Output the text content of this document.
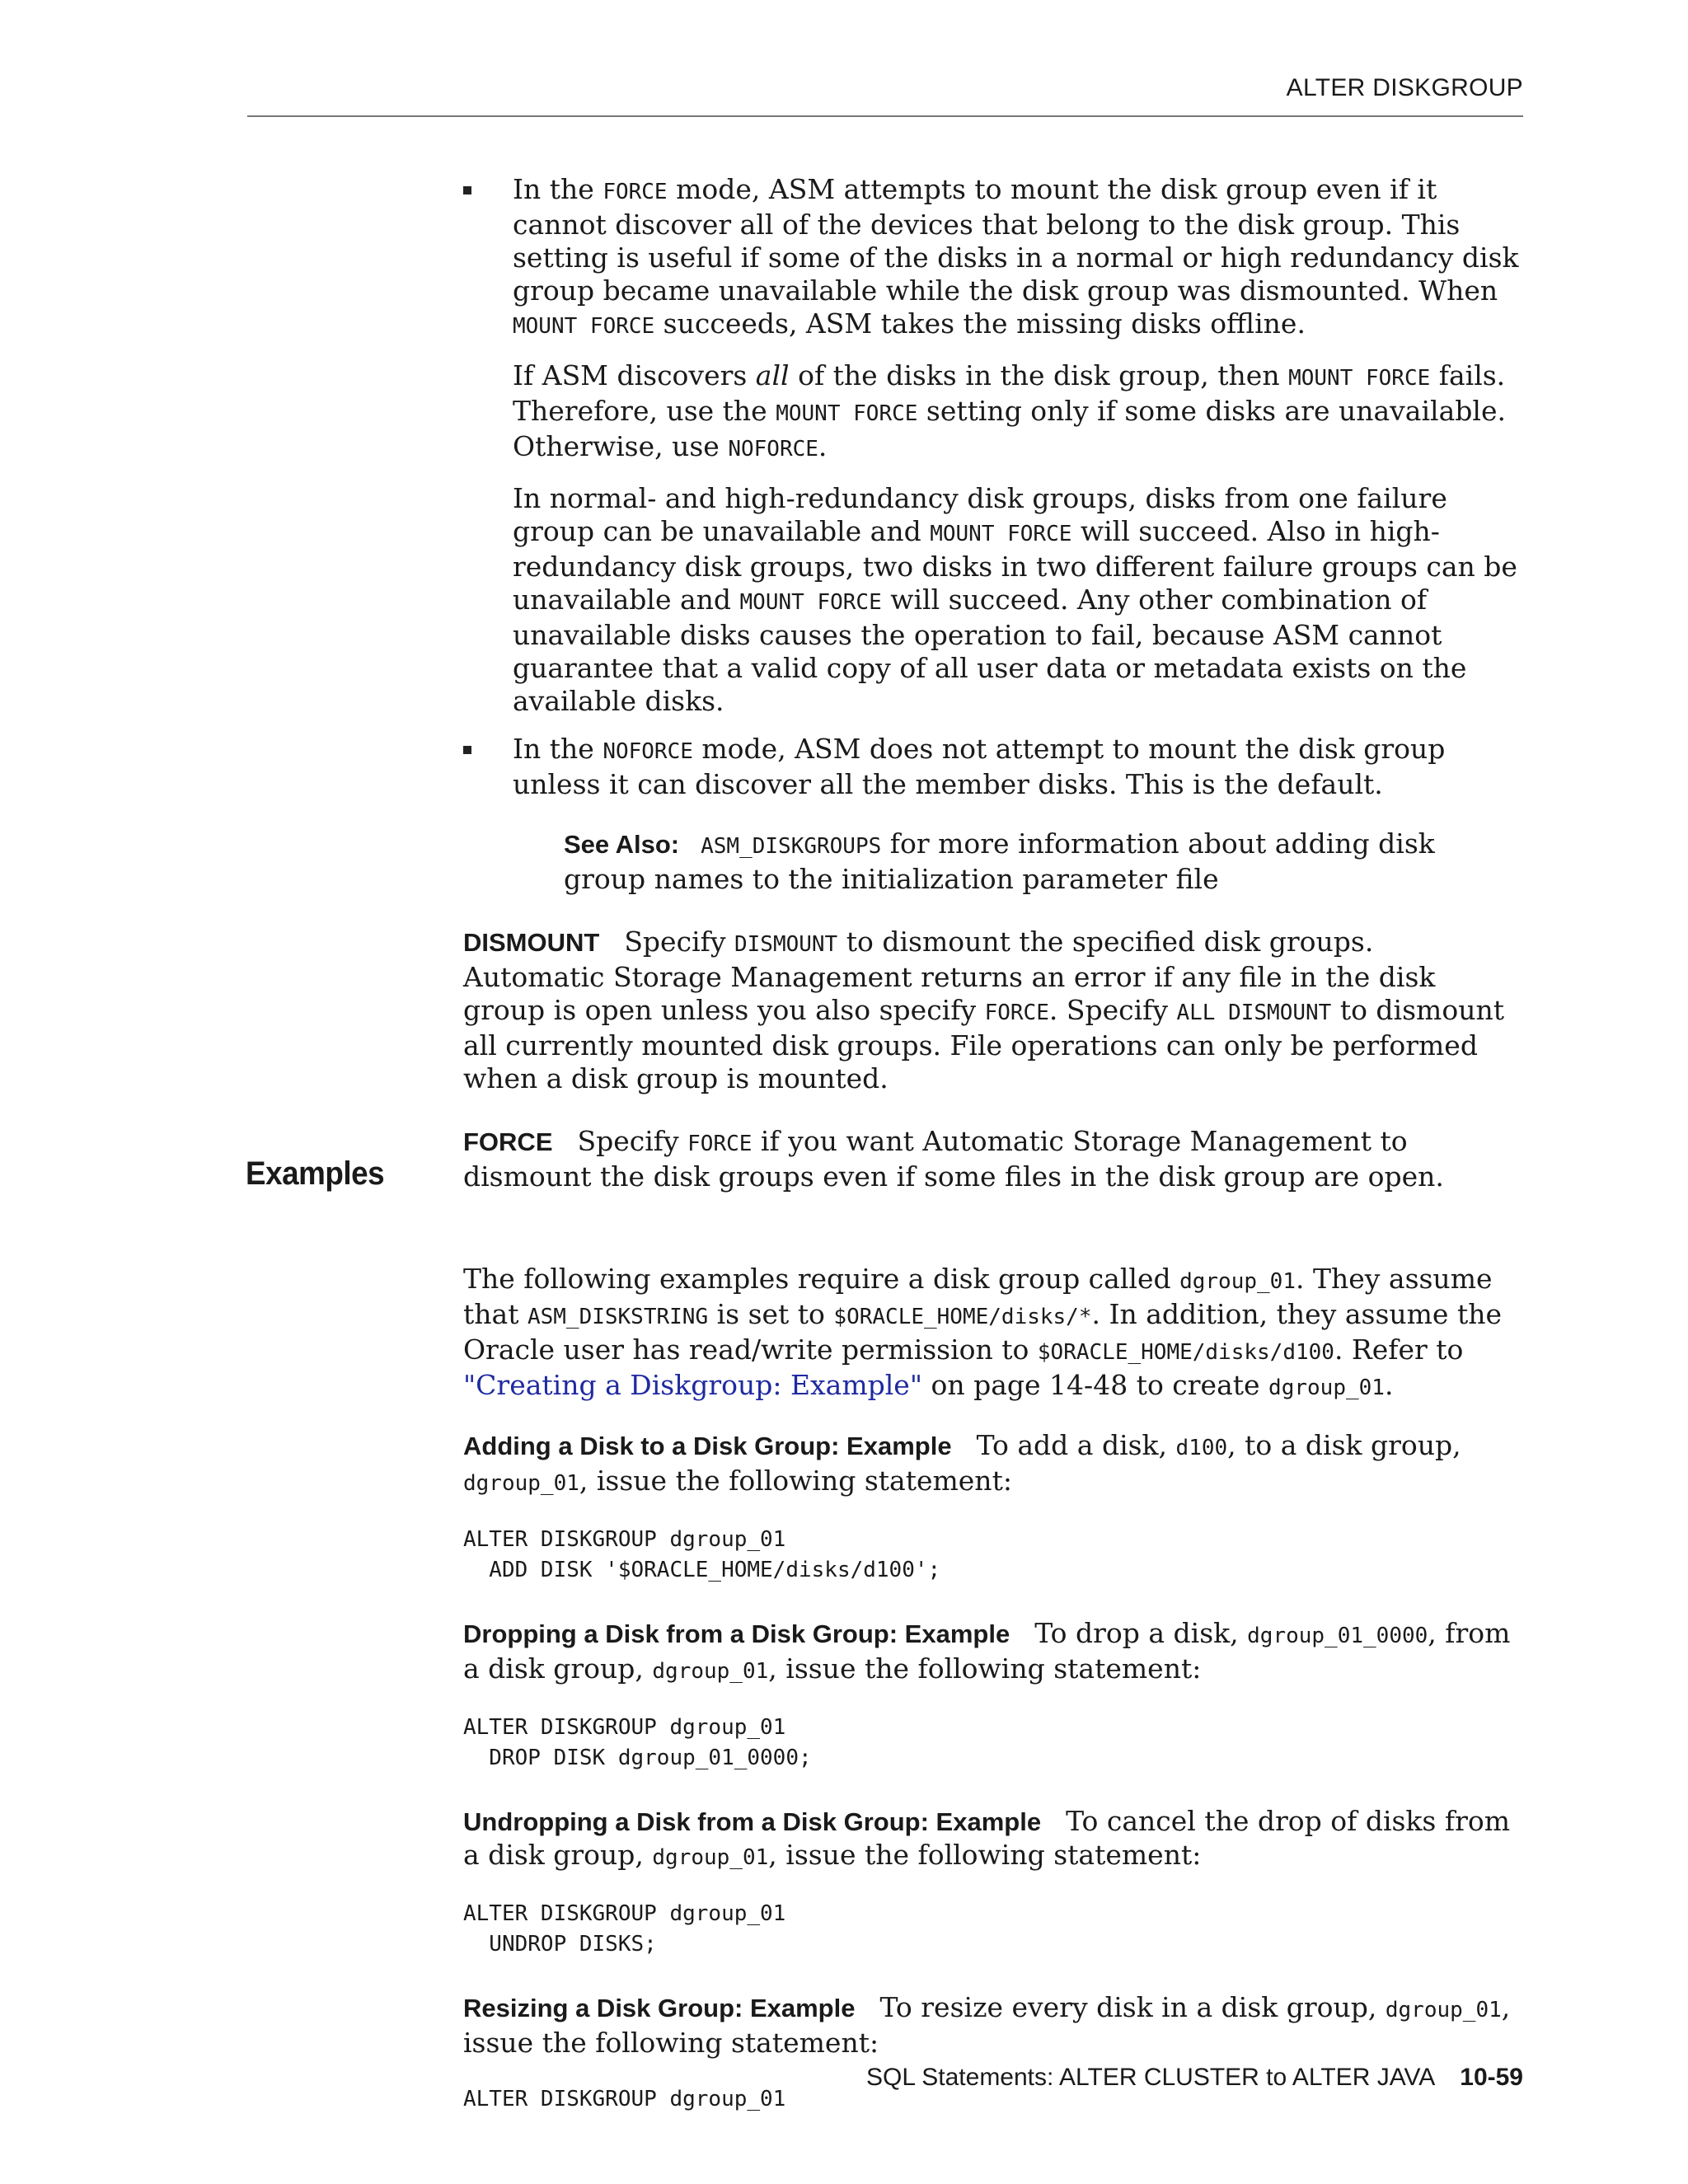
ALTER DISKGROUP

In the FORCE mode, ASM attempts to mount the disk group even if it cannot discover all of the devices that belong to the disk group. This setting is useful if some of the disks in a normal or high redundancy disk group became unavailable while the disk group was dismounted. When MOUNT FORCE succeeds, ASM takes the missing disks offline.

If ASM discovers all of the disks in the disk group, then MOUNT FORCE fails. Therefore, use the MOUNT FORCE setting only if some disks are unavailable. Otherwise, use NOFORCE.

In normal- and high-redundancy disk groups, disks from one failure group can be unavailable and MOUNT FORCE will succeed. Also in high-redundancy disk groups, two disks in two different failure groups can be unavailable and MOUNT FORCE will succeed. Any other combination of unavailable disks causes the operation to fail, because ASM cannot guarantee that a valid copy of all user data or metadata exists on the available disks.

In the NOFORCE mode, ASM does not attempt to mount the disk group unless it can discover all the member disks. This is the default.

See Also: ASM_DISKGROUPS for more information about adding disk group names to the initialization parameter file

DISMOUNT Specify DISMOUNT to dismount the specified disk groups. Automatic Storage Management returns an error if any file in the disk group is open unless you also specify FORCE. Specify ALL DISMOUNT to dismount all currently mounted disk groups. File operations can only be performed when a disk group is mounted.

FORCE Specify FORCE if you want Automatic Storage Management to dismount the disk groups even if some files in the disk group are open.

The following examples require a disk group called dgroup_01. They assume that ASM_DISKSTRING is set to $ORACLE_HOME/disks/*. In addition, they assume the Oracle user has read/write permission to $ORACLE_HOME/disks/d100. Refer to "Creating a Diskgroup: Example" on page 14-48 to create dgroup_01.

Adding a Disk to a Disk Group: Example To add a disk, d100, to a disk group, dgroup_01, issue the following statement:

ALTER DISKGROUP dgroup_01
ADD DISK '$ORACLE_HOME/disks/d100';

Dropping a Disk from a Disk Group: Example To drop a disk, dgroup_01_0000, from a disk group, dgroup_01, issue the following statement:

ALTER DISKGROUP dgroup_01
DROP DISK dgroup_01_0000;

Undropping a Disk from a Disk Group: Example To cancel the drop of disks from a disk group, dgroup_01, issue the following statement:

ALTER DISKGROUP dgroup_01
UNDROP DISKS;

Resizing a Disk Group: Example To resize every disk in a disk group, dgroup_01, issue the following statement:

ALTER DISKGROUP dgroup_01
Examples
SQL Statements: ALTER CLUSTER to ALTER JAVA 10-59
